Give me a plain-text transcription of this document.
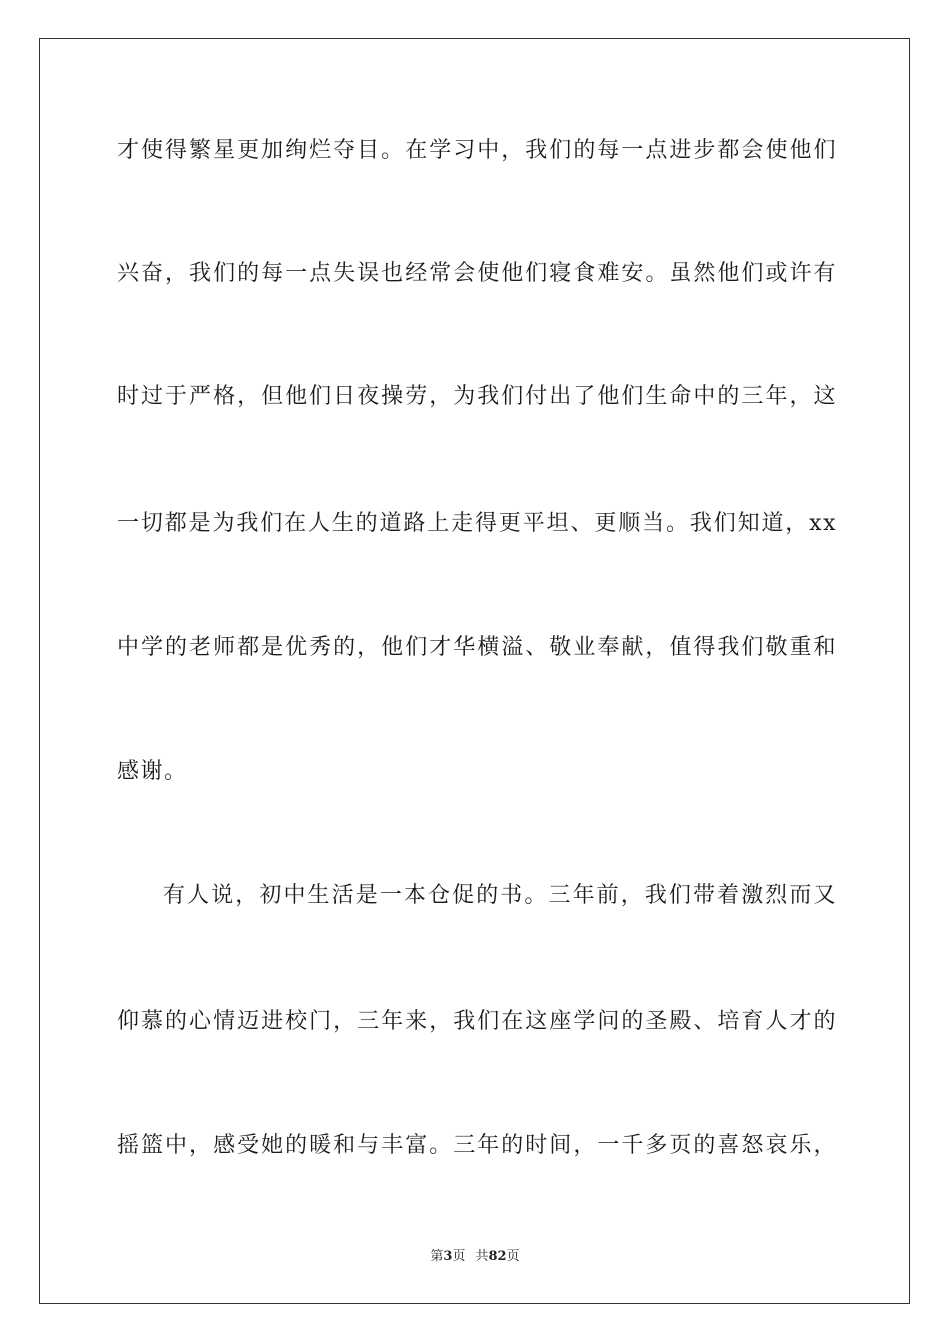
才使得繁星更加绚烂夺目。在学习中，我们的每一点进步都会使他们
兴奋，我们的每一点失误也经常会使他们寝食难安。虽然他们或许有
时过于严格，但他们日夜操劳，为我们付出了他们生命中的三年，这
一切都是为我们在人生的道路上走得更平坦、更顺当。我们知道，xx
中学的老师都是优秀的，他们才华横溢、敬业奉献，值得我们敬重和
感谢。
有人说，初中生活是一本仓促的书。三年前，我们带着激烈而又
仰慕的心情迈进校门，三年来，我们在这座学问的圣殿、培育人才的
摇篮中，感受她的暖和与丰富。三年的时间，一千多页的喜怒哀乐，
第3页 共82页
